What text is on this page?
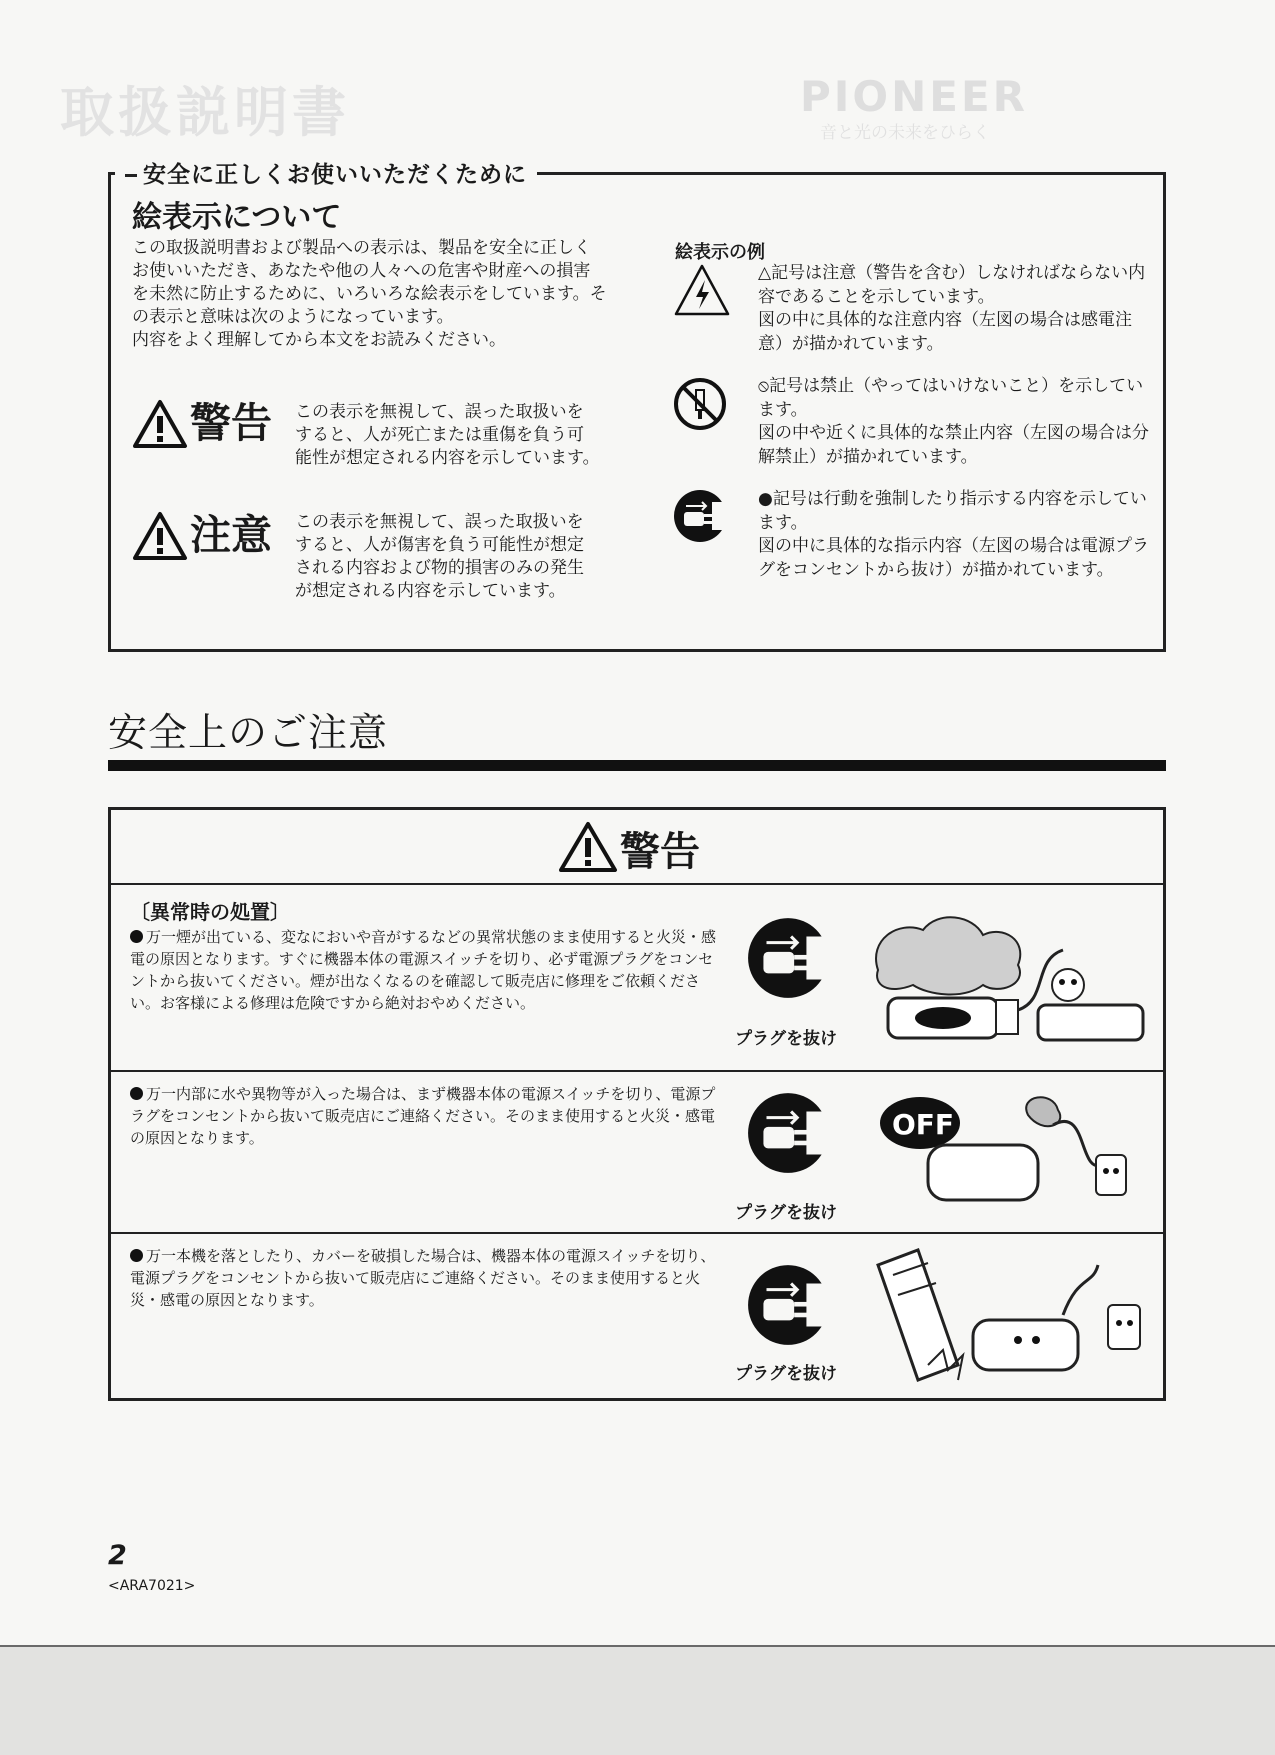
取扱説明書	PIONEER
音と光の未来をひらく
安全に正しくお使いいただくために
絵表示について

この取扱説明書および製品への表示は、製品を安全に正しくお使いいただき、あなたや他の人々への危害や財産への損害を未然に防止するために、いろいろな絵表示をしています。その表示と意味は次のようになっています。

内容をよく理解してから本文をお読みください。

警告 この表示を無視して、誤った取扱いをすると、人が死亡または重傷を負う可能性が想定される内容を示しています。
注意 この表示を無視して、誤った取扱いをすると、人が傷害を負う可能性が想定される内容および物的損害のみの発生が想定される内容を示しています。
絵表示の例

△記号は注意（警告を含む）しなければならない内容であることを示しています。

図の中に具体的な注意内容（左図の場合は感電注意）が描かれています。

⦸記号は禁止（やってはいけないこと）を示しています。

図の中や近くに具体的な禁止内容（左図の場合は分解禁止）が描かれています。

●記号は行動を強制したり指示する内容を示しています。

図の中に具体的な指示内容（左図の場合は電源プラグをコンセントから抜け）が描かれています。

安全上のご注意
警告
〔異常時の処置〕
万一煙が出ている、変なにおいや音がするなどの異常状態のまま使用すると火災・感電の原因となります。すぐに機器本体の電源スイッチを切り、必ず電源プラグをコンセントから抜いてください。煙が出なくなるのを確認して販売店に修理をご依頼ください。お客様による修理は危険ですから絶対おやめください。
プラグを抜け
万一内部に水や異物等が入った場合は、まず機器本体の電源スイッチを切り、電源プラグをコンセントから抜いて販売店にご連絡ください。そのまま使用すると火災・感電の原因となります。
プラグを抜け
OFF
万一本機を落としたり、カバーを破損した場合は、機器本体の電源スイッチを切り、電源プラグをコンセントから抜いて販売店にご連絡ください。そのまま使用すると火災・感電の原因となります。
プラグを抜け
2
<ARA7021>
